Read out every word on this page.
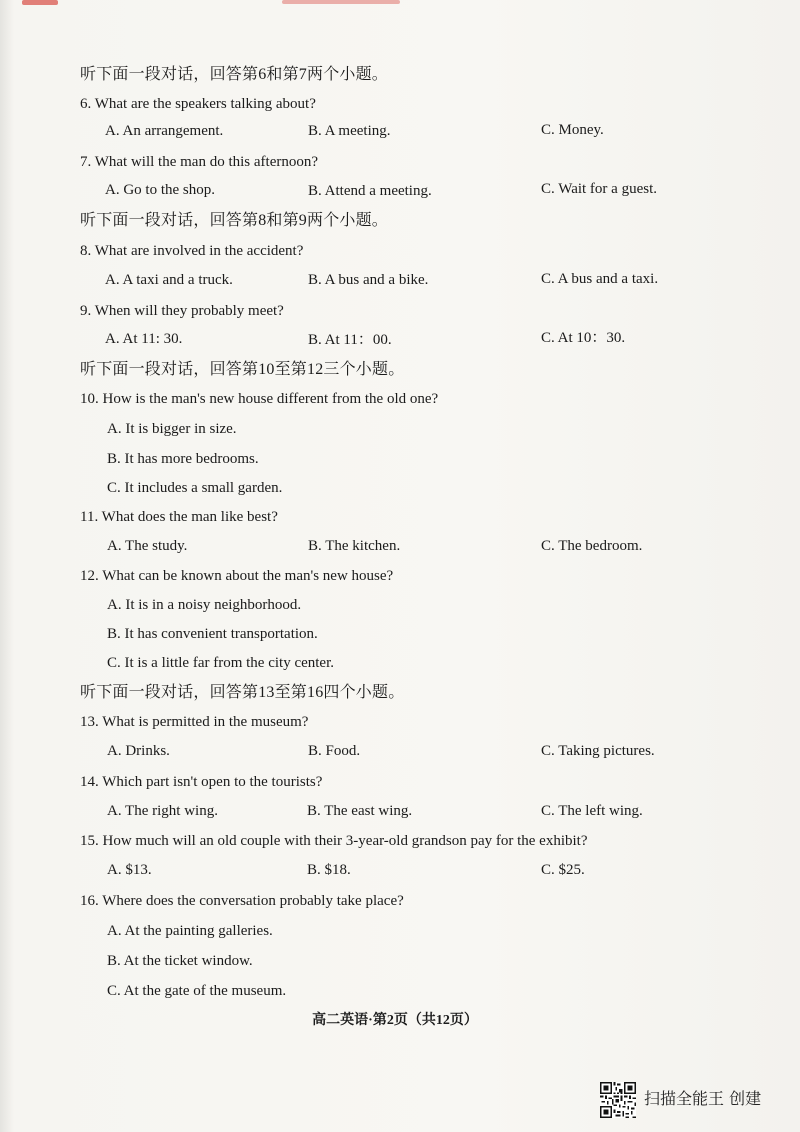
听下面一段对话，回答第6和第7两个小题。
6. What are the speakers talking about?
A. An arrangement.	B. A meeting.	C. Money.
7. What will the man do this afternoon?
A. Go to the shop.	B. Attend a meeting.	C. Wait for a guest.
听下面一段对话，回答第8和第9两个小题。
8. What are involved in the accident?
A. A taxi and a truck.	B. A bus and a bike.	C. A bus and a taxi.
9. When will they probably meet?
A. At 11: 30.	B. At 11：00.	C. At 10：30.
听下面一段对话，回答第10至第12三个小题。
10. How is the man's new house different from the old one?
A. It is bigger in size.
B. It has more bedrooms.
C. It includes a small garden.
11. What does the man like best?
A. The study.	B. The kitchen.	C. The bedroom.
12. What can be known about the man's new house?
A. It is in a noisy neighborhood.
B. It has convenient transportation.
C. It is a little far from the city center.
听下面一段对话，回答第13至第16四个小题。
13. What is permitted in the museum?
A. Drinks.	B. Food.	C. Taking pictures.
14. Which part isn't open to the tourists?
A. The right wing.	B. The east wing.	C. The left wing.
15. How much will an old couple with their 3-year-old grandson pay for the exhibit?
A. $13.	B. $18.	C. $25.
16. Where does the conversation probably take place?
A. At the painting galleries.
B. At the ticket window.
C. At the gate of the museum.
高二英语·第2页（共12页）
扫描全能王 创建
